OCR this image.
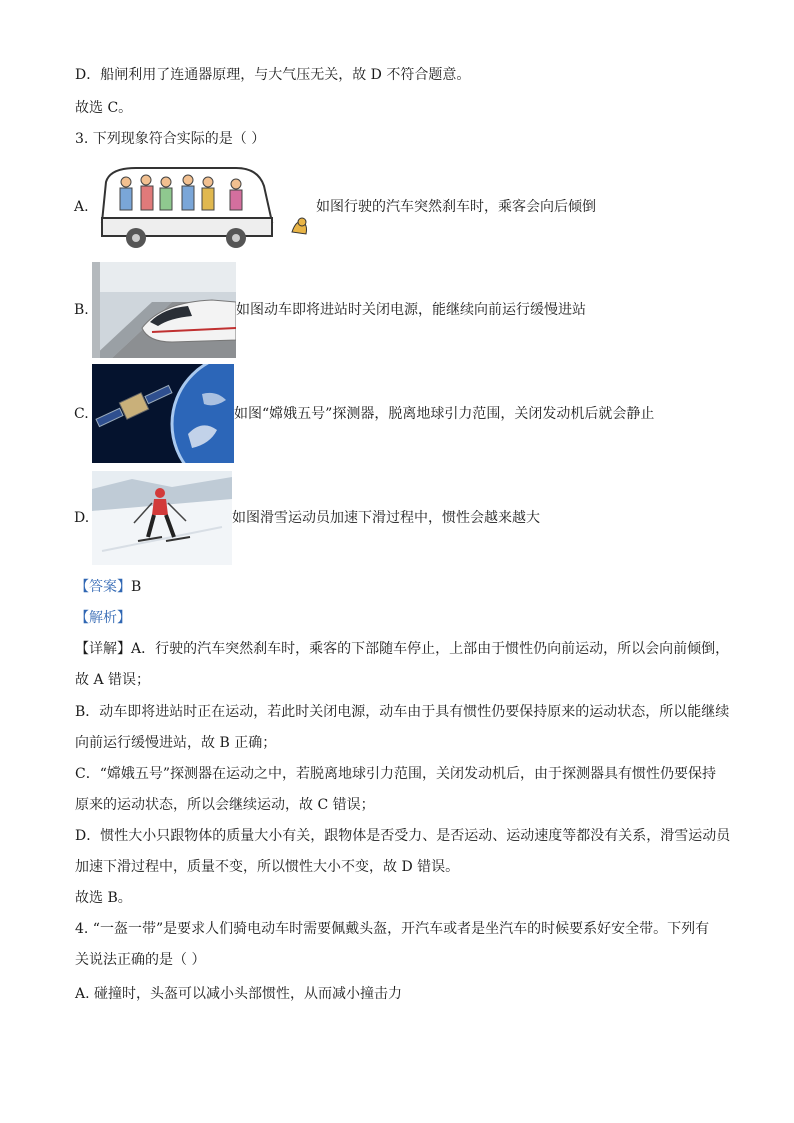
D．船闸利用了连通器原理，与大气压无关，故 D 不符合题意。
故选 C。
3. 下列现象符合实际的是（ ）
A.	如图行驶的汽车突然刹车时，乘客会向后倾倒
B.	如图动车即将进站时关闭电源，能继续向前运行缓慢进站
C.	如图“嫦娥五号”探测器，脱离地球引力范围，关闭发动机后就会静止
D.	如图滑雪运动员加速下滑过程中，惯性会越来越大
【答案】B
【解析】
【详解】A．行驶的汽车突然刹车时，乘客的下部随车停止，上部由于惯性仍向前运动，所以会向前倾倒，
故 A 错误；
B．动车即将进站时正在运动，若此时关闭电源，动车由于具有惯性仍要保持原来的运动状态，所以能继续
向前运行缓慢进站，故 B 正确；
C．“嫦娥五号”探测器在运动之中，若脱离地球引力范围，关闭发动机后，由于探测器具有惯性仍要保持
原来的运动状态，所以会继续运动，故 C 错误；
D．惯性大小只跟物体的质量大小有关，跟物体是否受力、是否运动、运动速度等都没有关系，滑雪运动员
加速下滑过程中，质量不变，所以惯性大小不变，故 D 错误。
故选 B。
4. “一盔一带”是要求人们骑电动车时需要佩戴头盔，开汽车或者是坐汽车的时候要系好安全带。下列有
关说法正确的是（ ）
A. 碰撞时，头盔可以减小头部惯性，从而减小撞击力
